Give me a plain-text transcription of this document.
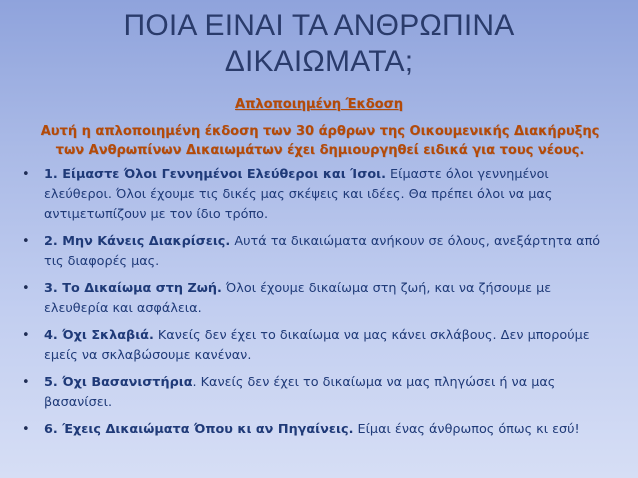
ΠΟΙΑ ΕΙΝΑΙ ΤΑ ΑΝΘΡΩΠΙΝΑ
ΔΙΚΑΙΩΜΑΤΑ;
Απλοποιημένη Έκδοση
Αυτή η απλοποιημένη έκδοση των 30 άρθρων της Οικουμενικής Διακήρυξης των Ανθρωπίνων Δικαιωμάτων έχει δημιουργηθεί ειδικά για τους νέους.
• 1. Είμαστε Όλοι Γεννημένοι Ελεύθεροι και Ίσοι. Είμαστε όλοι γεννημένοι ελεύθεροι. Όλοι έχουμε τις δικές μας σκέψεις και ιδέες. Θα πρέπει όλοι να μας αντιμετωπίζουν με τον ίδιο τρόπο.
• 2. Μην Κάνεις Διακρίσεις. Αυτά τα δικαιώματα ανήκουν σε όλους, ανεξάρτητα από τις διαφορές μας.
• 3. Το Δικαίωμα στη Ζωή. Όλοι έχουμε δικαίωμα στη ζωή, και να ζήσουμε με ελευθερία και ασφάλεια.
• 4. Όχι Σκλαβιά. Κανείς δεν έχει το δικαίωμα να μας κάνει σκλάβους. Δεν μπορούμε εμείς να σκλαβώσουμε κανέναν.
• 5. Όχι Βασανιστήρια. Κανείς δεν έχει το δικαίωμα να μας πληγώσει ή να μας βασανίσει.
• 6. Έχεις Δικαιώματα Όπου κι αν Πηγαίνεις. Είμαι ένας άνθρωπος όπως κι εσύ!
